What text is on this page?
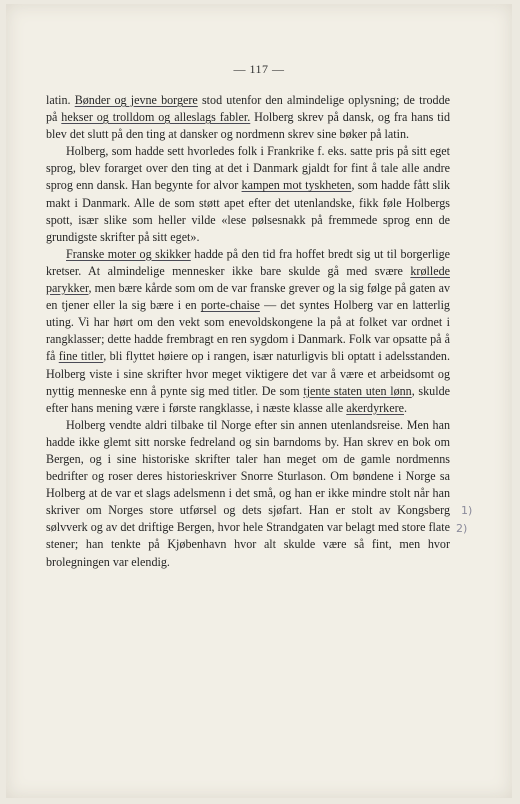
— 117 —

latin. Bønder og jevne borgere stod utenfor den almindelige oplysning; de trodde på hekser og trolldom og alleslags fabler. Holberg skrev på dansk, og fra hans tid blev det slutt på den ting at dansker og nordmenn skrev sine bøker på latin.

Holberg, som hadde sett hvorledes folk i Frankrike f. eks. satte pris på sitt eget sprog, blev forarget over den ting at det i Danmark gjaldt for fint å tale alle andre sprog enn dansk. Han begynte for alvor kampen mot tyskheten, som hadde fått slik makt i Danmark. Alle de som støtt apet efter det utenlandske, fikk føle Holbergs spott, især slike som heller vilde «lese pølsesnakk på fremmede sprog enn de grundigste skrifter på sitt eget».

Franske moter og skikker hadde på den tid fra hoffet bredt sig ut til borgerlige kretser. At almindelige mennesker ikke bare skulde gå med svære krøllede parykker, men bære kårde som om de var franske grever og la sig følge på gaten av en tjener eller la sig bære i en porte-chaise — det syntes Holberg var en latterlig uting. Vi har hørt om den vekt som enevoldskongene la på at folket var ordnet i rangklasser; dette hadde frembragt en ren sygdom i Danmark. Folk var opsatte på å få fine titler, bli flyttet høiere op i rangen, især naturligvis bli optatt i adelsstanden. Holberg viste i sine skrifter hvor meget viktigere det var å være et arbeidsomt og nyttig menneske enn å pynte sig med titler. De som tjente staten uten lønn, skulde efter hans mening være i første rangklasse, i næste klasse alle akerdyrkere.

Holberg vendte aldri tilbake til Norge efter sin annen utenlandsreise. Men han hadde ikke glemt sitt norske fedreland og sin barndoms by. Han skrev en bok om Bergen, og i sine historiske skrifter taler han meget om de gamle nordmenns bedrifter og roser deres historieskriver Snorre Sturlason. Om bøndene i Norge sa Holberg at de var et slags adelsmenn i det små, og han er ikke mindre stolt når han skriver om Norges store utførsel og dets sjøfart. Han er stolt av Kongsberg sølvverk og av det driftige Bergen, hvor hele Strandgaten var belagt med store flate stener; han tenkte på Kjøbenhavn hvor alt skulde være så fint, men hvor brolegningen var elendig.

1)
2)
